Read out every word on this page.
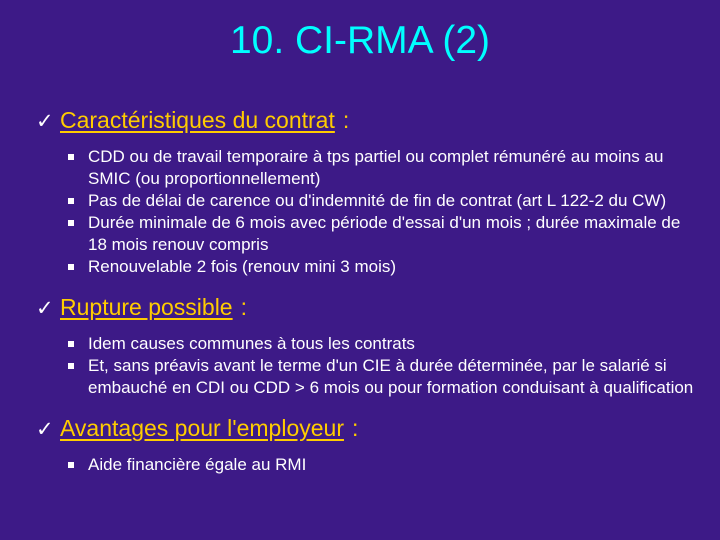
10. CI-RMA (2)
✓ Caractéristiques du contrat :
CDD ou de travail temporaire à tps partiel ou complet rémunéré au moins au SMIC (ou proportionnellement)
Pas de délai de carence ou d'indemnité de fin de contrat (art L 122-2 du CW)
Durée minimale de 6 mois avec période d'essai d'un mois ; durée maximale de 18 mois renouv compris
Renouvelable 2 fois (renouv mini 3 mois)
✓ Rupture possible :
Idem causes communes à tous les contrats
Et, sans préavis avant le terme d'un CIE à durée déterminée, par le salarié si embauché en CDI ou CDD > 6 mois ou pour formation conduisant à qualification
✓ Avantages pour l'employeur :
Aide financière égale au RMI
